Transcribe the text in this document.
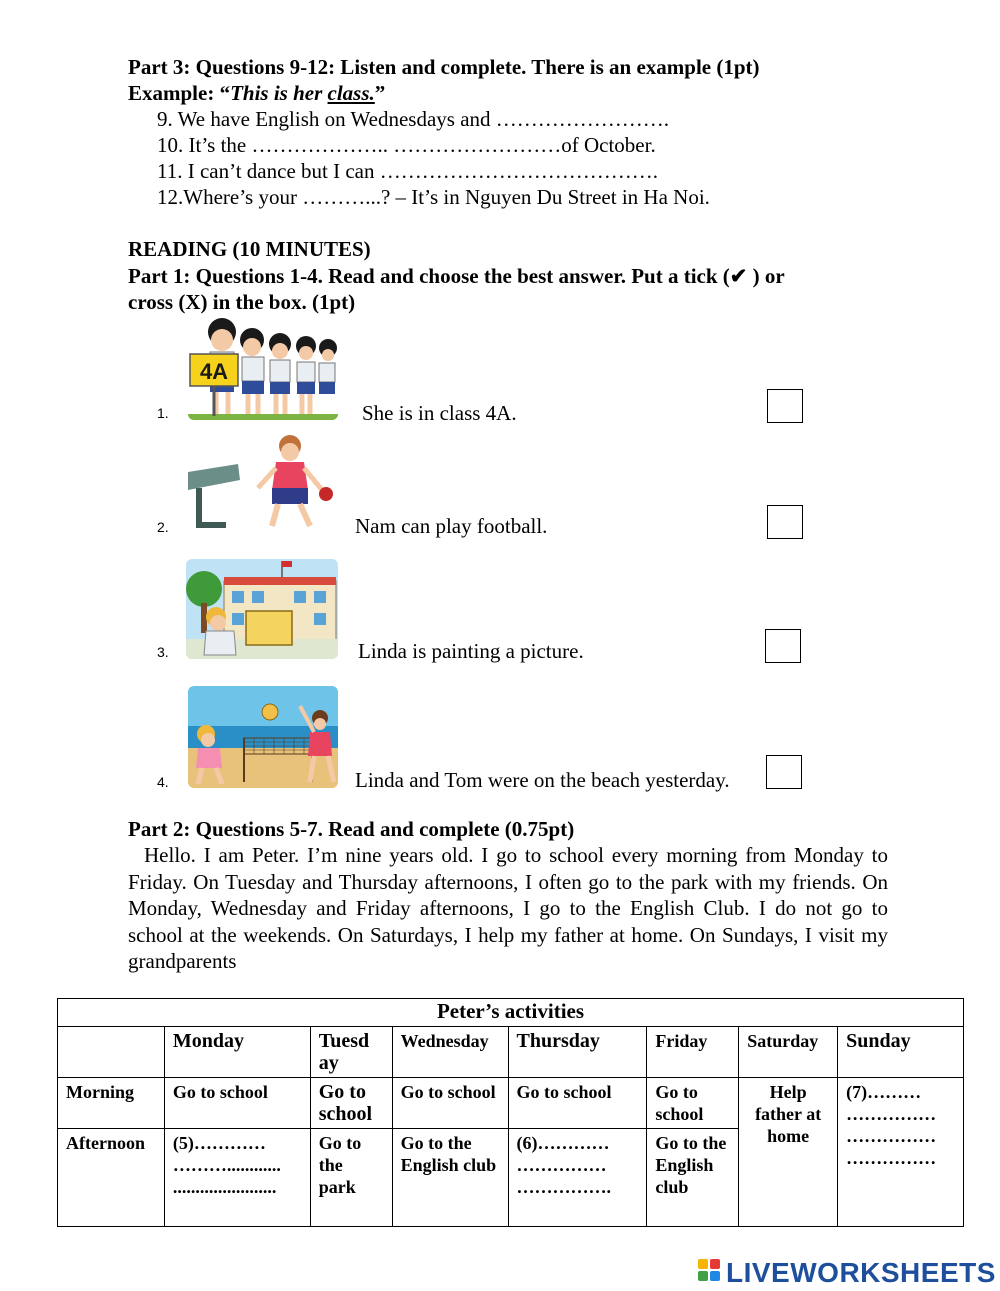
Part 3: Questions 9-12: Listen and complete. There is an example (1pt)
Example: “This is her class.”
9. We have English on Wednesdays and …………………….
10. It’s the ……………….. ……………………of October.
11. I can’t dance but I can ………………………………….
12.Where’s your ………...? – It’s in Nguyen Du Street in Ha Noi.
READING (10 MINUTES)
Part 1: Questions 1-4. Read and choose the best answer. Put a tick (✔ ) or
cross (X) in the box. (1pt)
1.
4A
She is in class 4A.
2.	Nam can play football.
3.	Linda is painting a picture.
4.	Linda and Tom were on the beach yesterday.
Part 2: Questions 5-7. Read and complete (0.75pt)
Hello. I am Peter. I’m nine years old. I go to school every morning from Monday to Friday. On Tuesday and Thursday afternoons, I often go to the park with my friends. On Monday, Wednesday and Friday afternoons, I go to the English Club. I do not go to school at the weekends. On Saturdays, I help my father at home. On Sundays, I visit my grandparents
Peter’s activities							
	Monday	Tuesd ay	Wednesday	Thursday	Friday	Saturday	Sunday
Morning	Go to school	Go to school	Go to school	Go to school	Go to school	Help father at home	(7)……… …………… …………… ……………
Afternoon	(5)………… ………............ .......................	Go to the park	Go to the English club	(6)………… …………… …………….	Go to the English club		
LIVEWORKSHEETS
